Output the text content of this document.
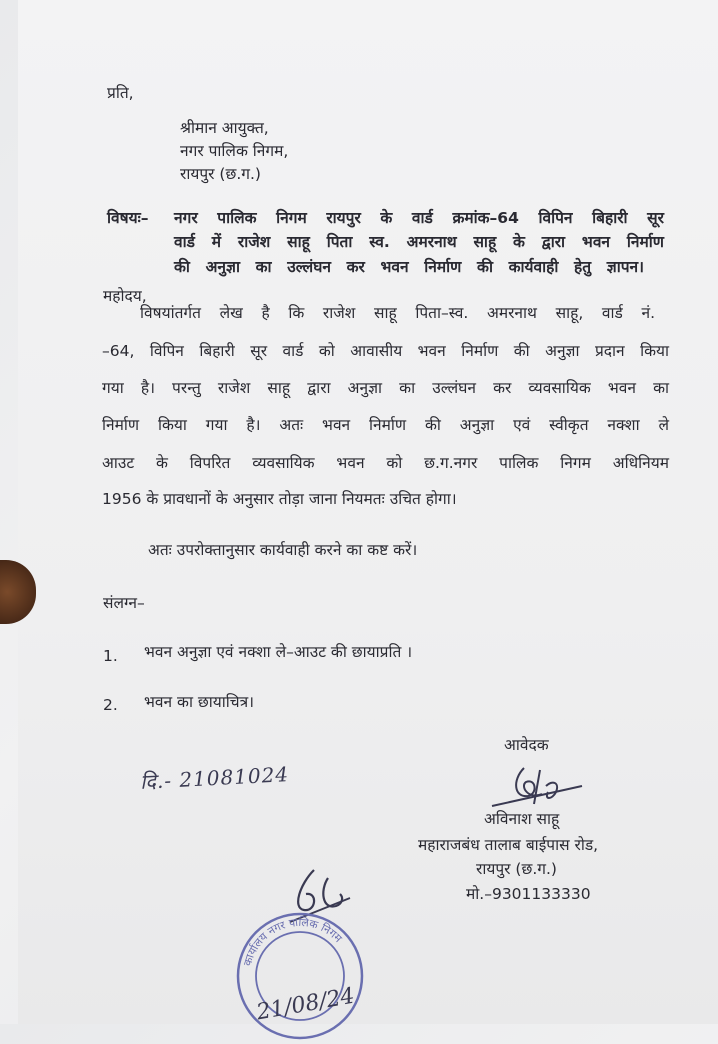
प्रति,
श्रीमान आयुक्त,
नगर पालिक निगम,
रायपुर (छ.ग.)
विषयः– नगर पालिक निगम रायपुर के वार्ड क्रमांक–64 विपिन बिहारी सूर
वार्ड में राजेश साहू पिता स्व. अमरनाथ साहू के द्वारा भवन निर्माण
की अनुज्ञा का उल्लंघन कर भवन निर्माण की कार्यवाही हेतु ज्ञापन।
महोदय,
विषयांतर्गत लेख है कि राजेश साहू पिता–स्व. अमरनाथ साहू, वार्ड नं.
–64, विपिन बिहारी सूर वार्ड को आवासीय भवन निर्माण की अनुज्ञा प्रदान किया
गया है। परन्तु राजेश साहू द्वारा अनुज्ञा का उल्लंघन कर व्यवसायिक भवन का
निर्माण किया गया है। अतः भवन निर्माण की अनुज्ञा एवं स्वीकृत नक्शा ले
आउट के विपरित व्यवसायिक भवन को छ.ग.नगर पालिक निगम अधिनियम
1956 के प्रावधानों के अनुसार तोड़ा जाना नियमतः उचित होगा।
अतः उपरोक्तानुसार कार्यवाही करने का कष्ट करें।
संलग्न–
1. भवन अनुज्ञा एवं नक्शा ले–आउट की छायाप्रति ।
2. भवन का छायाचित्र।
दि.- 21081024
आवेदक
अविनाश साहू
महाराजबंध तालाब बाईपास रोड,
रायपुर (छ.ग.)
मो.–9301133330
कार्यालय नगर पालिक निगम
21/08/24
